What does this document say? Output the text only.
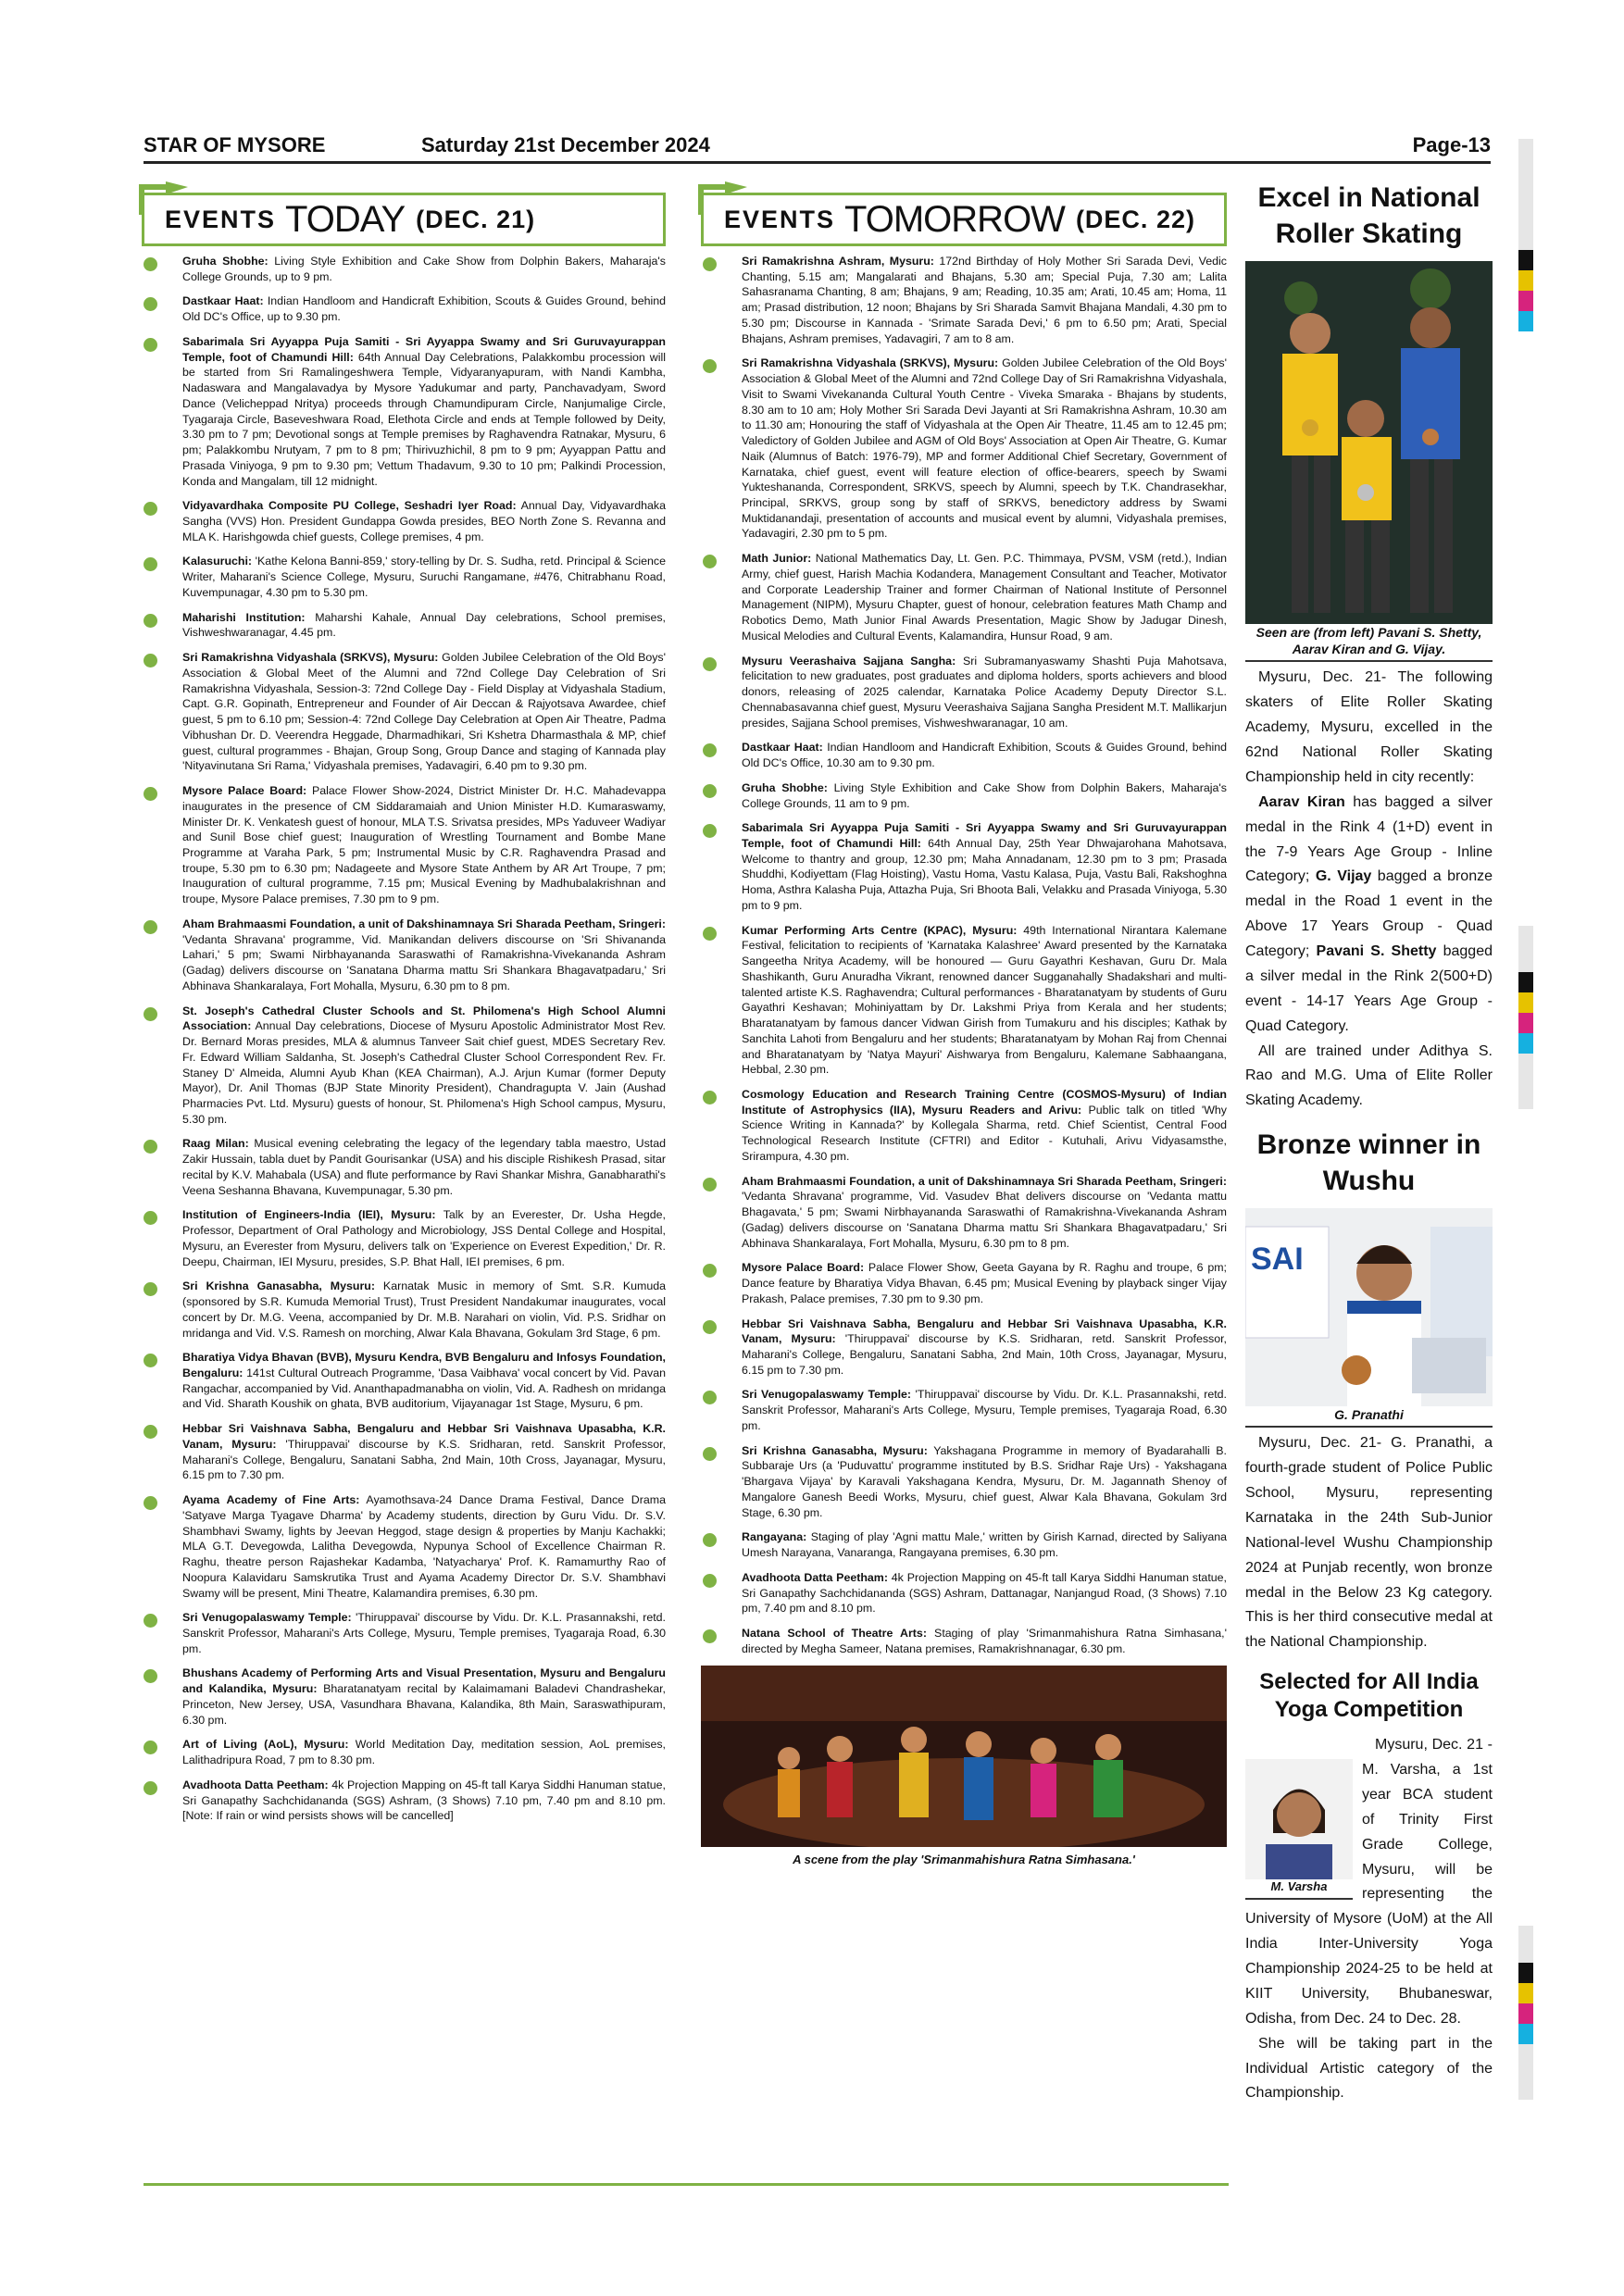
STAR OF MYSORE	Saturday 21st December 2024	Page-13
EVENTS TODAY (DEC. 21)
Gruha Shobhe: Living Style Exhibition and Cake Show from Dolphin Bakers, Maharaja's College Grounds, up to 9 pm.
Dastkaar Haat: Indian Handloom and Handicraft Exhibition, Scouts & Guides Ground, behind Old DC's Office, up to 9.30 pm.
Sabarimala Sri Ayyappa Puja Samiti - Sri Ayyappa Swamy and Sri Guruvayurappan Temple, foot of Chamundi Hill: 64th Annual Day Celebrations, Palakkombu procession will be started from Sri Ramalingeshwera Temple, Vidyaranyapuram, with Nandi Kambha, Nadaswara and Mangalavadya by Mysore Yadukumar and party, Panchavadyam, Sword Dance (Velicheppad Nritya) proceeds through Chamundipuram Circle, Nanjumalige Circle, Tyagaraja Circle, Baseveshwara Road, Elethota Circle and ends at Temple followed by Deity, 3.30 pm to 7 pm; Devotional songs at Temple premises by Raghavendra Ratnakar, Mysuru, 6 pm; Palakkombu Nrutyam, 7 pm to 8 pm; Thirivuzhichil, 8 pm to 9 pm; Ayyappan Pattu and Prasada Viniyoga, 9 pm to 9.30 pm; Vettum Thadavum, 9.30 to 10 pm; Palkindi Procession, Konda and Mangalam, till 12 midnight.
Vidyavardhaka Composite PU College, Seshadri Iyer Road: Annual Day, Vidyavardhaka Sangha (VVS) Hon. President Gundappa Gowda presides, BEO North Zone S. Revanna and MLA K. Harishgowda chief guests, College premises, 4 pm.
Kalasuruchi: 'Kathe Kelona Banni-859,' story-telling by Dr. S. Sudha, retd. Principal & Science Writer, Maharani's Science College, Mysuru, Suruchi Rangamane, #476, Chitrabhanu Road, Kuvempunagar, 4.30 pm to 5.30 pm.
Maharishi Institution: Maharshi Kahale, Annual Day celebrations, School premises, Vishweshwaranagar, 4.45 pm.
Sri Ramakrishna Vidyashala (SRKVS), Mysuru: Golden Jubilee Celebration of the Old Boys' Association & Global Meet of the Alumni and 72nd College Day Celebration of Sri Ramakrishna Vidyashala, Session-3: 72nd College Day - Field Display at Vidyashala Stadium, Capt. G.R. Gopinath, Entrepreneur and Founder of Air Deccan & Rajyotsava Awardee, chief guest, 5 pm to 6.10 pm; Session-4: 72nd College Day Celebration at Open Air Theatre, Padma Vibhushan Dr. D. Veerendra Heggade, Dharmadhikari, Sri Kshetra Dharmasthala & MP, chief guest, cultural programmes - Bhajan, Group Song, Group Dance and staging of Kannada play 'Nityavinutana Sri Rama,' Vidyashala premises, Yadavagiri, 6.40 pm to 9.30 pm.
Mysore Palace Board: Palace Flower Show-2024, District Minister Dr. H.C. Mahadevappa inaugurates in the presence of CM Siddaramaiah and Union Minister H.D. Kumaraswamy, Minister Dr. K. Venkatesh guest of honour, MLA T.S. Srivatsa presides, MPs Yaduveer Wadiyar and Sunil Bose chief guest; Inauguration of Wrestling Tournament and Bombe Mane Programme at Varaha Park, 5 pm; Instrumental Music by C.R. Raghavendra Prasad and troupe, 5.30 pm to 6.30 pm; Nadageete and Mysore State Anthem by AR Art Troupe, 7 pm; Inauguration of cultural programme, 7.15 pm; Musical Evening by Madhubalakrishnan and troupe, Mysore Palace premises, 7.30 pm to 9 pm.
Aham Brahmaasmi Foundation, a unit of Dakshinamnaya Sri Sharada Peetham, Sringeri: 'Vedanta Shravana' programme, Vid. Manikandan delivers discourse on 'Sri Shivananda Lahari,' 5 pm; Swami Nirbhayananda Saraswathi of Ramakrishna-Vivekananda Ashram (Gadag) delivers discourse on 'Sanatana Dharma mattu Sri Shankara Bhagavatpadaru,' Sri Abhinava Shankaralaya, Fort Mohalla, Mysuru, 6.30 pm to 8 pm.
St. Joseph's Cathedral Cluster Schools and St. Philomena's High School Alumni Association: Annual Day celebrations, Diocese of Mysuru Apostolic Administrator Most Rev. Dr. Bernard Moras presides, MLA & alumnus Tanveer Sait chief guest, MDES Secretary Rev. Fr. Edward William Saldanha, St. Joseph's Cathedral Cluster School Correspondent Rev. Fr. Staney D' Almeida, Alumni Ayub Khan (KEA Chairman), A.J. Arjun Kumar (former Deputy Mayor), Dr. Anil Thomas (BJP State Minority President), Chandragupta V. Jain (Aushad Pharmacies Pvt. Ltd. Mysuru) guests of honour, St. Philomena's High School campus, Mysuru, 5.30 pm.
Raag Milan: Musical evening celebrating the legacy of the legendary tabla maestro, Ustad Zakir Hussain, tabla duet by Pandit Gourisankar (USA) and his disciple Rishikesh Prasad, sitar recital by K.V. Mahabala (USA) and flute performance by Ravi Shankar Mishra, Ganabharathi's Veena Seshanna Bhavana, Kuvempunagar, 5.30 pm.
Institution of Engineers-India (IEI), Mysuru: Talk by an Everester, Dr. Usha Hegde, Professor, Department of Oral Pathology and Microbiology, JSS Dental College and Hospital, Mysuru, an Everester from Mysuru, delivers talk on 'Experience on Everest Expedition,' Dr. R. Deepu, Chairman, IEI Mysuru, presides, S.P. Bhat Hall, IEI premises, 6 pm.
Sri Krishna Ganasabha, Mysuru: Karnatak Music in memory of Smt. S.R. Kumuda (sponsored by S.R. Kumuda Memorial Trust), Trust President Nandakumar inaugurates, vocal concert by Dr. M.G. Veena, accompanied by Dr. M.B. Narahari on violin, Vid. P.S. Sridhar on mridanga and Vid. V.S. Ramesh on morching, Alwar Kala Bhavana, Gokulam 3rd Stage, 6 pm.
Bharatiya Vidya Bhavan (BVB), Mysuru Kendra, BVB Bengaluru and Infosys Foundation, Bengaluru: 141st Cultural Outreach Programme, 'Dasa Vaibhava' vocal concert by Vid. Pavan Rangachar, accompanied by Vid. Ananthapadmanabha on violin, Vid. A. Radhesh on mridanga and Vid. Sharath Koushik on ghata, BVB auditorium, Vijayanagar 1st Stage, Mysuru, 6 pm.
Hebbar Sri Vaishnava Sabha, Bengaluru and Hebbar Sri Vaishnava Upasabha, K.R. Vanam, Mysuru: 'Thiruppavai' discourse by K.S. Sridharan, retd. Sanskrit Professor, Maharani's College, Bengaluru, Sanatani Sabha, 2nd Main, 10th Cross, Jayanagar, Mysuru, 6.15 pm to 7.30 pm.
Ayama Academy of Fine Arts: Ayamothsava-24 Dance Drama Festival, Dance Drama 'Satyave Marga Tyagave Dharma' by Academy students, direction by Guru Vidu. Dr. S.V. Shambhavi Swamy, lights by Jeevan Heggod, stage design & properties by Manju Kachakki; MLA G.T. Devegowda, Lalitha Devegowda, Nypunya School of Excellence Chairman R. Raghu, theatre person Rajashekar Kadamba, 'Natyacharya' Prof. K. Ramamurthy Rao of Noopura Kalavidaru Samskrutika Trust and Ayama Academy Director Dr. S.V. Shambhavi Swamy will be present, Mini Theatre, Kalamandira premises, 6.30 pm.
Sri Venugopalaswamy Temple: 'Thiruppavai' discourse by Vidu. Dr. K.L. Prasannakshi, retd. Sanskrit Professor, Maharani's Arts College, Mysuru, Temple premises, Tyagaraja Road, 6.30 pm.
Bhushans Academy of Performing Arts and Visual Presentation, Mysuru and Bengaluru and Kalandika, Mysuru: Bharatanatyam recital by Kalaimamani Baladevi Chandrashekar, Princeton, New Jersey, USA, Vasundhara Bhavana, Kalandika, 8th Main, Saraswathipuram, 6.30 pm.
Art of Living (AoL), Mysuru: World Meditation Day, meditation session, AoL premises, Lalithadripura Road, 7 pm to 8.30 pm.
Avadhoota Datta Peetham: 4k Projection Mapping on 45-ft tall Karya Siddhi Hanuman statue, Sri Ganapathy Sachchidananda (SGS) Ashram, (3 Shows) 7.10 pm, 7.40 pm and 8.10 pm. [Note: If rain or wind persists shows will be cancelled]
EVENTS TOMORROW (DEC. 22)
Sri Ramakrishna Ashram, Mysuru: 172nd Birthday of Holy Mother Sri Sarada Devi, Vedic Chanting, 5.15 am; Mangalarati and Bhajans, 5.30 am; Special Puja, 7.30 am; Lalita Sahasranama Chanting, 8 am; Bhajans, 9 am; Reading, 10.35 am; Arati, 10.45 am; Homa, 11 am; Prasad distribution, 12 noon; Bhajans by Sri Sharada Samvit Bhajana Mandali, 4.30 pm to 5.30 pm; Discourse in Kannada - 'Srimate Sarada Devi,' 6 pm to 6.50 pm; Arati, Special Bhajans, Ashram premises, Yadavagiri, 7 am to 8 am.
Sri Ramakrishna Vidyashala (SRKVS), Mysuru: Golden Jubilee Celebration of the Old Boys' Association & Global Meet of the Alumni and 72nd College Day of Sri Ramakrishna Vidyashala, Visit to Swami Vivekananda Cultural Youth Centre - Viveka Smaraka - Bhajans by students, 8.30 am to 10 am; Holy Mother Sri Sarada Devi Jayanti at Sri Ramakrishna Ashram, 10.30 am to 11.30 am; Honouring the staff of Vidyashala at the Open Air Theatre, 11.45 am to 12.45 pm; Valedictory of Golden Jubilee and AGM of Old Boys' Association at Open Air Theatre, G. Kumar Naik (Alumnus of Batch: 1976-79), MP and former Additional Chief Secretary, Government of Karnataka, chief guest, event will feature election of office-bearers, speech by Swami Yukteshananda, Correspondent, SRKVS, speech by Alumni, speech by T.K. Chandrasekhar, Principal, SRKVS, group song by staff of SRKVS, benedictory address by Swami Muktidanandaji, presentation of accounts and musical event by alumni, Vidyashala premises, Yadavagiri, 2.30 pm to 5 pm.
Math Junior: National Mathematics Day, Lt. Gen. P.C. Thimmaya, PVSM, VSM (retd.), Indian Army, chief guest, Harish Machia Kodandera, Management Consultant and Teacher, Motivator and Corporate Leadership Trainer and former Chairman of National Institute of Personnel Management (NIPM), Mysuru Chapter, guest of honour, celebration features Math Champ and Robotics Demo, Math Junior Final Awards Presentation, Magic Show by Jadugar Dinesh, Musical Melodies and Cultural Events, Kalamandira, Hunsur Road, 9 am.
Mysuru Veerashaiva Sajjana Sangha: Sri Subramanyaswamy Shashti Puja Mahotsava, felicitation to new graduates, post graduates and diploma holders, sports achievers and blood donors, releasing of 2025 calendar, Karnataka Police Academy Deputy Director S.L. Chennabasavanna chief guest, Mysuru Veerashaiva Sajjana Sangha President M.T. Mallikarjun presides, Sajjana School premises, Vishweshwaranagar, 10 am.
Dastkaar Haat: Indian Handloom and Handicraft Exhibition, Scouts & Guides Ground, behind Old DC's Office, 10.30 am to 9.30 pm.
Gruha Shobhe: Living Style Exhibition and Cake Show from Dolphin Bakers, Maharaja's College Grounds, 11 am to 9 pm.
Sabarimala Sri Ayyappa Puja Samiti - Sri Ayyappa Swamy and Sri Guruvayurappan Temple, foot of Chamundi Hill: 64th Annual Day, 25th Year Dhwajarohana Mahotsava, Welcome to thantry and group, 12.30 pm; Maha Annadanam, 12.30 pm to 3 pm; Prasada Shuddhi, Kodiyettam (Flag Hoisting), Vastu Homa, Vastu Kalasa, Puja, Vastu Bali, Rakshoghna Homa, Asthra Kalasha Puja, Attazha Puja, Sri Bhoota Bali, Velakku and Prasada Viniyoga, 5.30 pm to 9 pm.
Kumar Performing Arts Centre (KPAC), Mysuru: 49th International Nirantara Kalemane Festival, felicitation to recipients of 'Karnataka Kalashree' Award presented by the Karnataka Sangeetha Nritya Academy, will be honoured — Guru Gayathri Keshavan, Guru Dr. Mala Shashikanth, Guru Anuradha Vikrant, renowned dancer Sugganahally Shadakshari and multi-talented artiste K.S. Raghavendra; Cultural performances - Bharatanatyam by students of Guru Gayathri Keshavan; Mohiniyattam by Dr. Lakshmi Priya from Kerala and her students; Bharatanatyam by famous dancer Vidwan Girish from Tumakuru and his disciples; Kathak by Sanchita Lahoti from Bengaluru and her students; Bharatanatyam by Mohan Raj from Chennai and Bharatanatyam by 'Natya Mayuri' Aishwarya from Bengaluru, Kalemane Sabhaangana, Hebbal, 2.30 pm.
Cosmology Education and Research Training Centre (COSMOS-Mysuru) of Indian Institute of Astrophysics (IIA), Mysuru Readers and Arivu: Public talk on titled 'Why Science Writing in Kannada?' by Kollegala Sharma, retd. Chief Scientist, Central Food Technological Research Institute (CFTRI) and Editor - Kutuhali, Arivu Vidyasamsthe, Srirampura, 4.30 pm.
Aham Brahmaasmi Foundation, a unit of Dakshinamnaya Sri Sharada Peetham, Sringeri: 'Vedanta Shravana' programme, Vid. Vasudev Bhat delivers discourse on 'Vedanta mattu Bhagavata,' 5 pm; Swami Nirbhayananda Saraswathi of Ramakrishna-Vivekananda Ashram (Gadag) delivers discourse on 'Sanatana Dharma mattu Sri Shankara Bhagavatpadaru,' Sri Abhinava Shankaralaya, Fort Mohalla, Mysuru, 6.30 pm to 8 pm.
Mysore Palace Board: Palace Flower Show, Geeta Gayana by R. Raghu and troupe, 6 pm; Dance feature by Bharatiya Vidya Bhavan, 6.45 pm; Musical Evening by playback singer Vijay Prakash, Palace premises, 7.30 pm to 9.30 pm.
Hebbar Sri Vaishnava Sabha, Bengaluru and Hebbar Sri Vaishnava Upasabha, K.R. Vanam, Mysuru: 'Thiruppavai' discourse by K.S. Sridharan, retd. Sanskrit Professor, Maharani's College, Bengaluru, Sanatani Sabha, 2nd Main, 10th Cross, Jayanagar, Mysuru, 6.15 pm to 7.30 pm.
Sri Venugopalaswamy Temple: 'Thiruppavai' discourse by Vidu. Dr. K.L. Prasannakshi, retd. Sanskrit Professor, Maharani's Arts College, Mysuru, Temple premises, Tyagaraja Road, 6.30 pm.
Sri Krishna Ganasabha, Mysuru: Yakshagana Programme in memory of Byadarahalli B. Subbaraje Urs (a 'Puduvattu' programme instituted by B.S. Sridhar Raje Urs) - Yakshagana 'Bhargava Vijaya' by Karavali Yakshagana Kendra, Mysuru, Dr. M. Jagannath Shenoy of Mangalore Ganesh Beedi Works, Mysuru, chief guest, Alwar Kala Bhavana, Gokulam 3rd Stage, 6.30 pm.
Rangayana: Staging of play 'Agni mattu Male,' written by Girish Karnad, directed by Saliyana Umesh Narayana, Vanaranga, Rangayana premises, 6.30 pm.
Avadhoota Datta Peetham: 4k Projection Mapping on 45-ft tall Karya Siddhi Hanuman statue, Sri Ganapathy Sachchidananda (SGS) Ashram, Dattanagar, Nanjangud Road, (3 Shows) 7.10 pm, 7.40 pm and 8.10 pm.
Natana School of Theatre Arts: Staging of play 'Srimanmahishura Ratna Simhasana,' directed by Megha Sameer, Natana premises, Ramakrishnanagar, 6.30 pm.
A scene from the play 'Srimanmahishura Ratna Simhasana.'
Excel in National Roller Skating
Seen are (from left) Pavani S. Shetty, Aarav Kiran and G. Vijay.
Mysuru, Dec. 21- The following skaters of Elite Roller Skating Academy, Mysuru, excelled in the 62nd National Roller Skating Championship held in city recently:
Aarav Kiran has bagged a silver medal in the Rink 4 (1+D) event in the 7-9 Years Age Group - Inline Category; G. Vijay bagged a bronze medal in the Road 1 event in the Above 17 Years Group - Quad Category; Pavani S. Shetty bagged a silver medal in the Rink 2(500+D) event - 14-17 Years Age Group - Quad Category.
All are trained under Adithya S. Rao and M.G. Uma of Elite Roller Skating Academy.
Bronze winner in Wushu
SAI
G. Pranathi
Mysuru, Dec. 21- G. Pranathi, a fourth-grade student of Police Public School, Mysuru, representing Karnataka in the 24th Sub-Junior National-level Wushu Championship 2024 at Punjab recently, won bronze medal in the Below 23 Kg category. This is her third consecutive medal at the National Championship.
Selected for All India Yoga Competition
M. Varsha
Mysuru, Dec. 21 - M. Varsha, a 1st year BCA student of Trinity First Grade College, Mysuru, will be representing the University of Mysore (UoM) at the All India Inter-University Yoga Championship 2024-25 to be held at KIIT University, Bhubaneswar, Odisha, from Dec. 24 to Dec. 28.
She will be taking part in the Individual Artistic category of the Championship.
